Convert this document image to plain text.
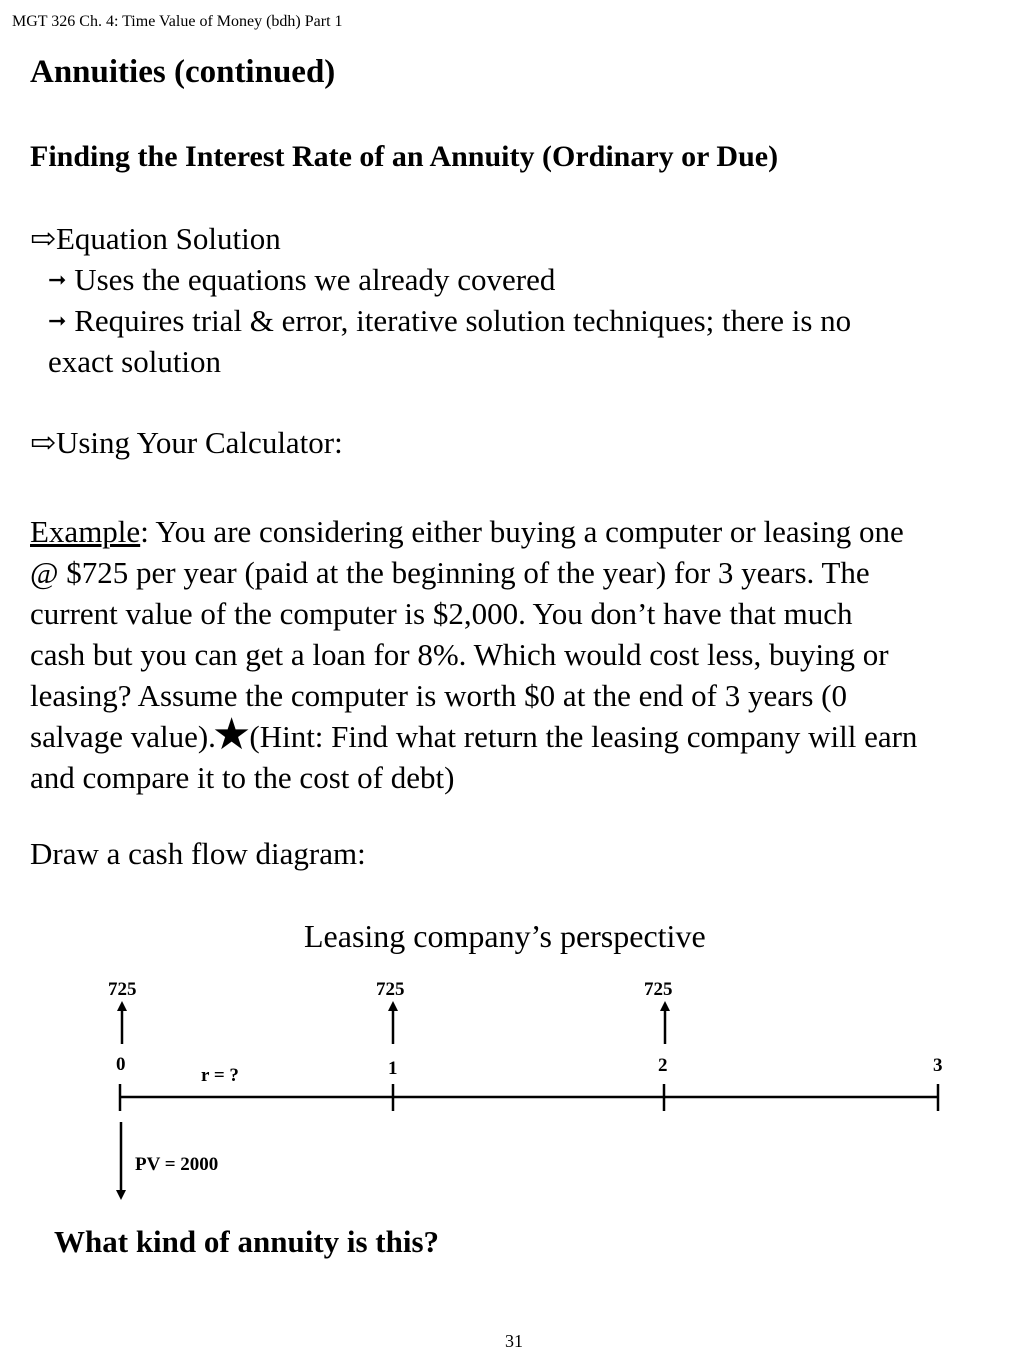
MGT 326 Ch. 4: Time Value of Money (bdh) Part 1
Annuities (continued)
Finding the Interest Rate of an Annuity (Ordinary or Due)
⇨Equation Solution
➞ Uses the equations we already covered
➞ Requires trial & error, iterative solution techniques; there is no
exact solution
⇨Using Your Calculator:
Example: You are considering either buying a computer or leasing one
@ $725 per year (paid at the beginning of the year) for 3 years. The
current value of the computer is $2,000. You don’t have that much
cash but you can get a loan for 8%. Which would cost less, buying or
leasing? Assume the computer is worth $0 at the end of 3 years (0
salvage value).★(Hint: Find what return the leasing company will earn
and compare it to the cost of debt)
Draw a cash flow diagram:
Leasing company’s perspective
725	725	725
0	1	2	3
r = ?
PV = 2000
What kind of annuity is this?
31
